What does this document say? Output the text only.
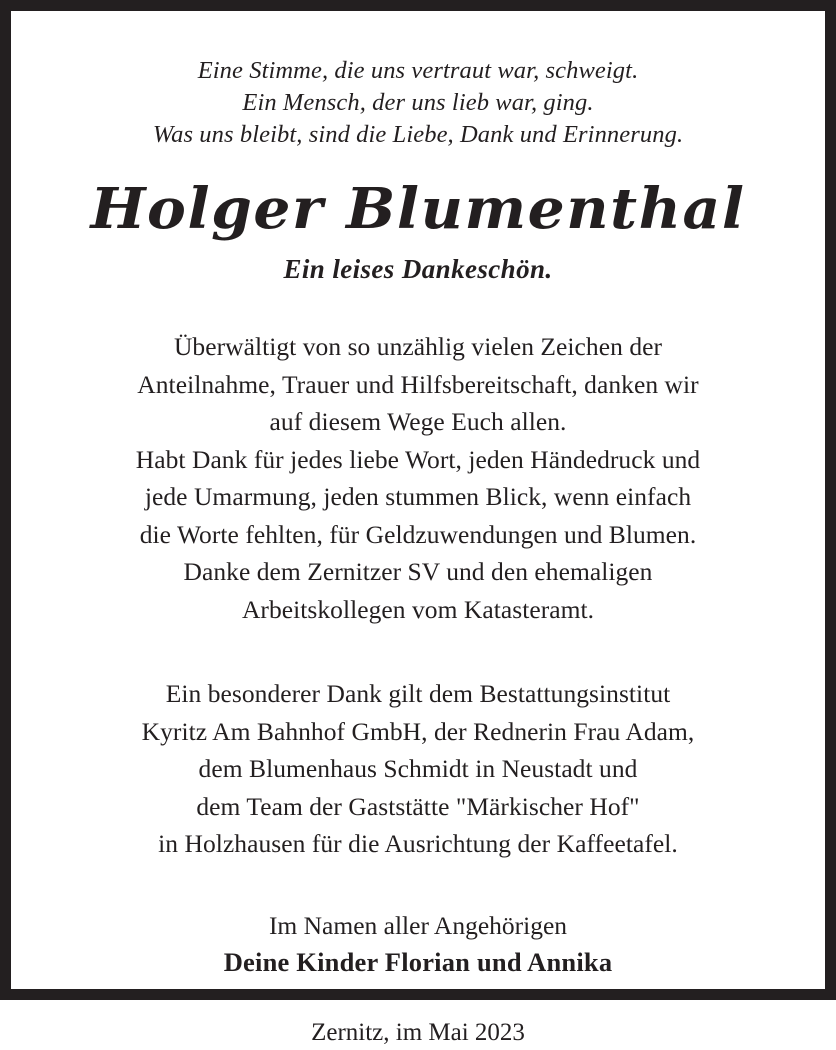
Eine Stimme, die uns vertraut war, schweigt.
Ein Mensch, der uns lieb war, ging.
Was uns bleibt, sind die Liebe, Dank und Erinnerung.
Holger Blumenthal
Ein leises Dankeschön.
Überwältigt von so unzählig vielen Zeichen der
Anteilnahme, Trauer und Hilfsbereitschaft, danken wir
auf diesem Wege Euch allen.
Habt Dank für jedes liebe Wort, jeden Händedruck und
jede Umarmung, jeden stummen Blick, wenn einfach
die Worte fehlten, für Geldzuwendungen und Blumen.
Danke dem Zernitzer SV und den ehemaligen
Arbeitskollegen vom Katasteramt.
Ein besonderer Dank gilt dem Bestattungsinstitut
Kyritz Am Bahnhof GmbH, der Rednerin Frau Adam,
dem Blumenhaus Schmidt in Neustadt und
dem Team der Gaststätte "Märkischer Hof"
in Holzhausen für die Ausrichtung der Kaffeetafel.
Im Namen aller Angehörigen
Deine Kinder Florian und Annika
Zernitz, im Mai 2023
